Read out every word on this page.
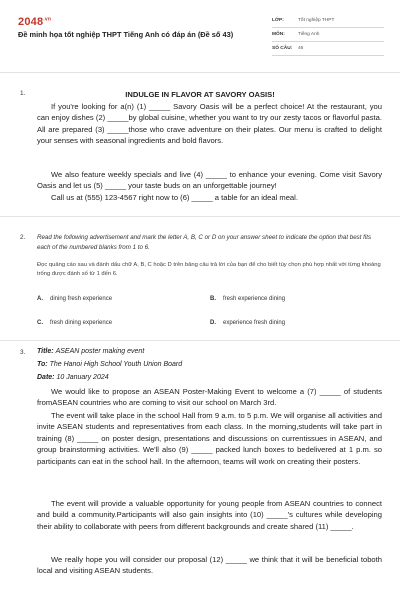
$2048^{.vn}$
Đề minh họa tốt nghiệp THPT Tiếng Anh có đáp án (Đề số 43)
LỚP:	Tốt nghiệp THPT
MÔN:	Tiếng Anh
SỐ CÂU:	46
1.	INDULGE IN FLAVOR AT SAVORY OASIS!
If you're looking for a(n) (1) _____ Savory Oasis will be a perfect choice! At the restaurant, you can enjoy dishes (2) _____by global cuisine, whether you want to try our zesty tacos or flavorful pasta. All are prepared (3) _____those who crave adventure on their plates. Our menu is crafted to delight your senses with seasonal ingredients and bold flavors.
We also feature weekly specials and live (4) _____ to enhance your evening. Come visit Savory Oasis and let us (5) _____ your taste buds on an unforgettable journey!
Call us at (555) 123-4567 right now to (6) _____ a table for an ideal meal.
2. Read the following advertisement and mark the letter A, B, C or D on your answer sheet to indicate the option that best fits each of the numbered blanks from 1 to 6.
Đọc quảng cáo sau và đánh dấu chữ A, B, C hoặc D trên bảng câu trả lời của bạn để cho biết tùy chọn phù hợp nhất với từng khoảng trống được đánh số từ 1 đến 6.
A. dining fresh experience	B. fresh experience dining
C. fresh dining experience	D. experience fresh dining
3. Title: ASEAN poster making event
To: The Hanoi High School Youth Union Board
Date: 10 January 2024
We would like to propose an ASEAN Poster-Making Event to welcome a (7) _____ of students fromASEAN countries who are coming to visit our school on March 3rd.
The event will take place in the school Hall from 9 a.m. to 5 p.m. We will organise all activities and invite ASEAN students and representatives from each class. In the morning,students will take part in training (8) _____ on poster design, presentations and discussions on currentissues in ASEAN, and group brainstorming activities. We'll also (9) _____ packed lunch boxes to bedelivered at 1 p.m. so participants can eat in the school hall. In the afternoon, teams will work on creating their posters.
The event will provide a valuable opportunity for young people from ASEAN countries to connect and build a community.Participants will also gain insights into (10) _____'s cultures while developing their ability to collaborate with peers from different backgrounds and create shared (11) _____.
We really hope you will consider our proposal (12) _____ we think that it will be beneficial toboth local and visiting ASEAN students.
